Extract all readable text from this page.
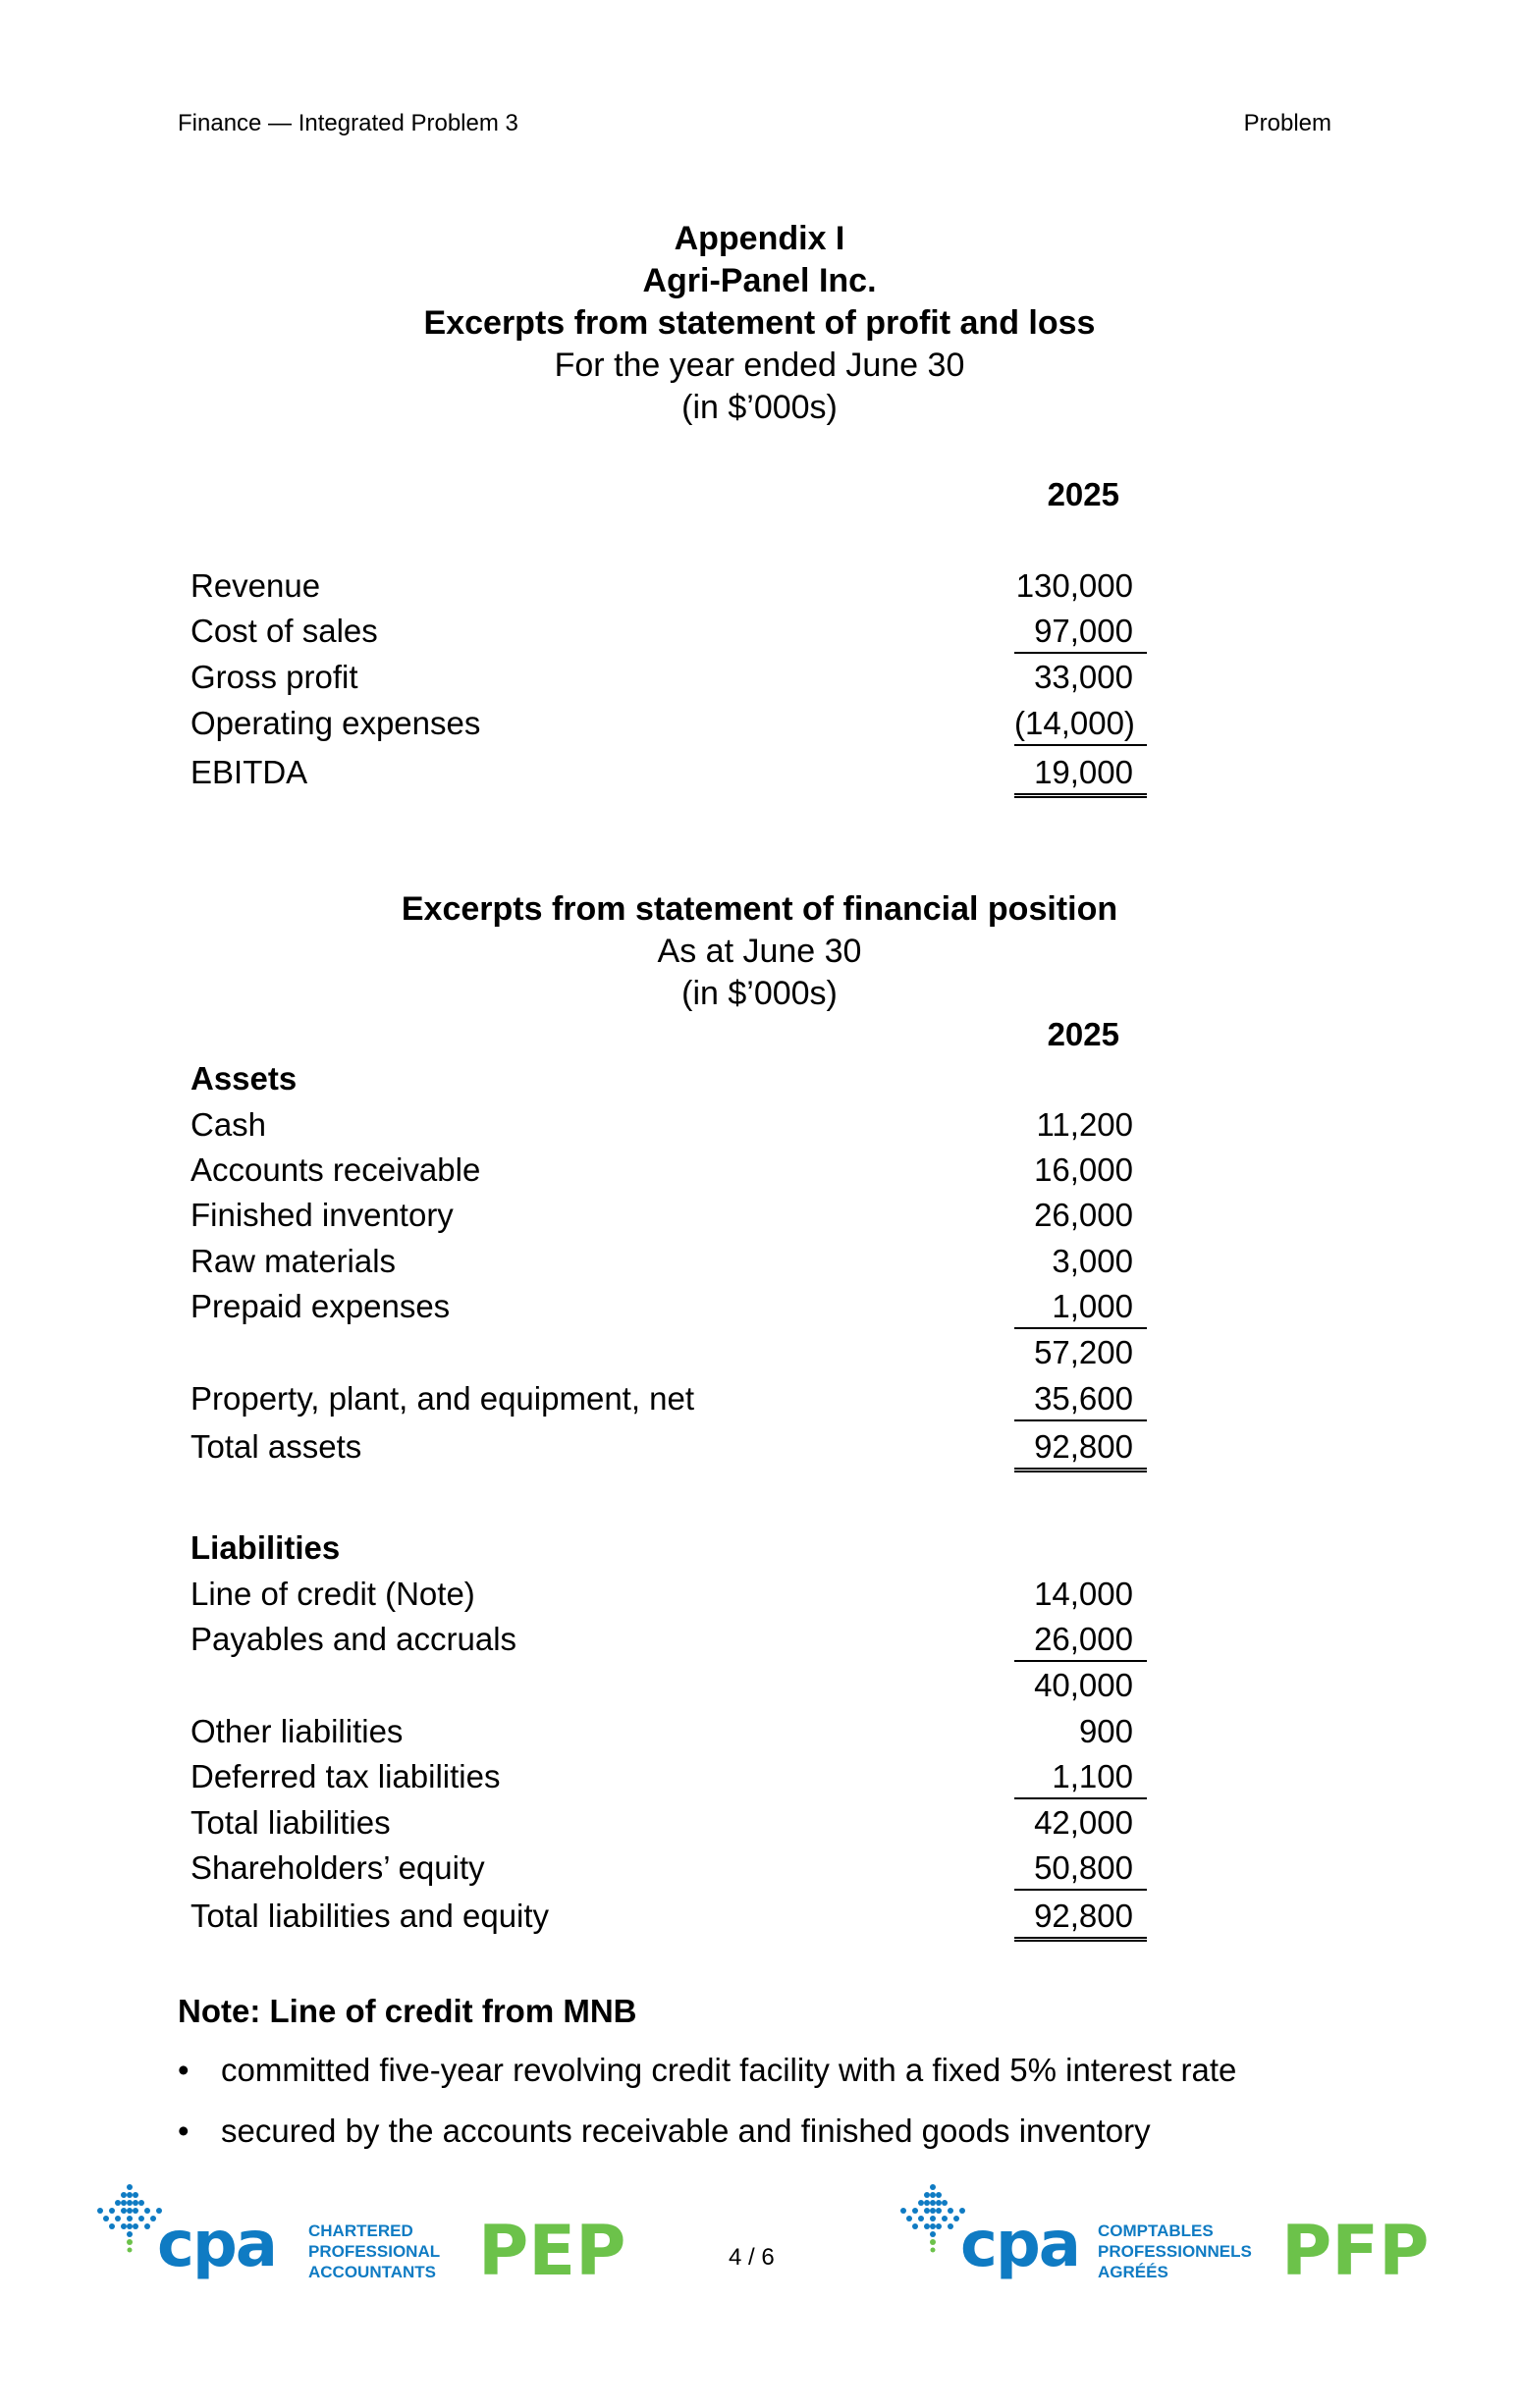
Finance — Integrated Problem 3	Problem
Appendix I
Agri-Panel Inc.
Excerpts from statement of profit and loss
For the year ended June 30
(in $’000s)
2025
Revenue	130,000
Cost of sales	97,000
Gross profit	33,000
Operating expenses	(14,000)
EBITDA	19,000
Excerpts from statement of financial position
As at June 30
(in $’000s)
2025
Assets
Cash	11,200
Accounts receivable	16,000
Finished inventory	26,000
Raw materials	3,000
Prepaid expenses	1,000
57,200
Property, plant, and equipment, net	35,600
Total assets	92,800
Liabilities
Line of credit (Note)	14,000
Payables and accruals	26,000
40,000
Other liabilities	900
Deferred tax liabilities	1,100
Total liabilities	42,000
Shareholders’ equity	50,800
Total liabilities and equity	92,800
Note: Line of credit from MNB
• committed five-year revolving credit facility with a fixed 5% interest rate
• secured by the accounts receivable and finished goods inventory
cpa CHARTERED
PROFESSIONAL
ACCOUNTANTS PEP	4 / 6	cpa COMPTABLES
PROFESSIONNELS
AGRÉÉS	PFP
